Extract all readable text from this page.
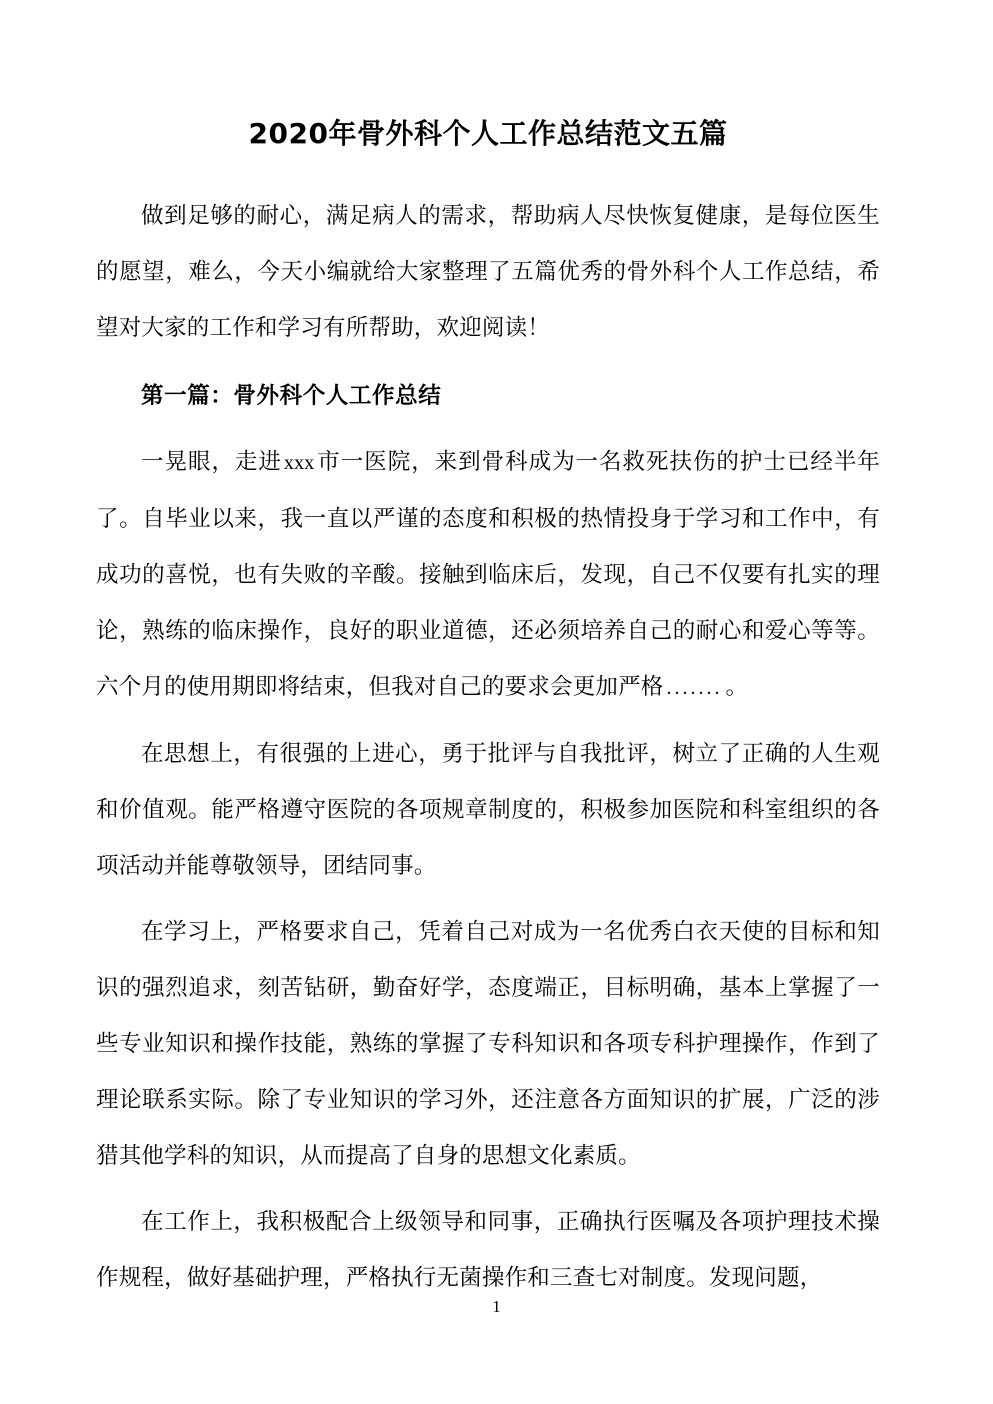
2020年骨外科个人工作总结范文五篇

做到足够的耐心，满足病人的需求，帮助病人尽快恢复健康，是每位医生的愿望，难么，今天小编就给大家整理了五篇优秀的骨外科个人工作总结，希望对大家的工作和学习有所帮助，欢迎阅读！

第一篇：骨外科个人工作总结

一晃眼，走进 xxx市一医院，来到骨科成为一名救死扶伤的护士已经半年了。自毕业以来，我一直以严谨的态度和积极的热情投身于学习和工作中，有成功的喜悦，也有失败的辛酸。接触到临床后，发现，自己不仅要有扎实的理论，熟练的临床操作，良好的职业道德，还必须培养自己的耐心和爱心等等。六个月的使用期即将结束，但我对自己的要求会更加严格 ....... 。

在思想上，有很强的上进心，勇于批评与自我批评，树立了正确的人生观和价值观。能严格遵守医院的各项规章制度的，积极参加医院和科室组织的各项活动并能尊敬领导，团结同事。

在学习上，严格要求自己，凭着自己对成为一名优秀白衣天使的目标和知识的强烈追求，刻苦钻研，勤奋好学，态度端正，目标明确，基本上掌握了一些专业知识和操作技能，熟练的掌握了专科知识和各项专科护理操作，作到了理论联系实际。除了专业知识的学习外，还注意各方面知识的扩展，广泛的涉猎其他学科的知识，从而提高了自身的思想文化素质。

在工作上，我积极配合上级领导和同事，正确执行医嘱及各项护理技术操作规程，做好基础护理，严格执行无菌操作和三查七对制度。发现问题，

1
